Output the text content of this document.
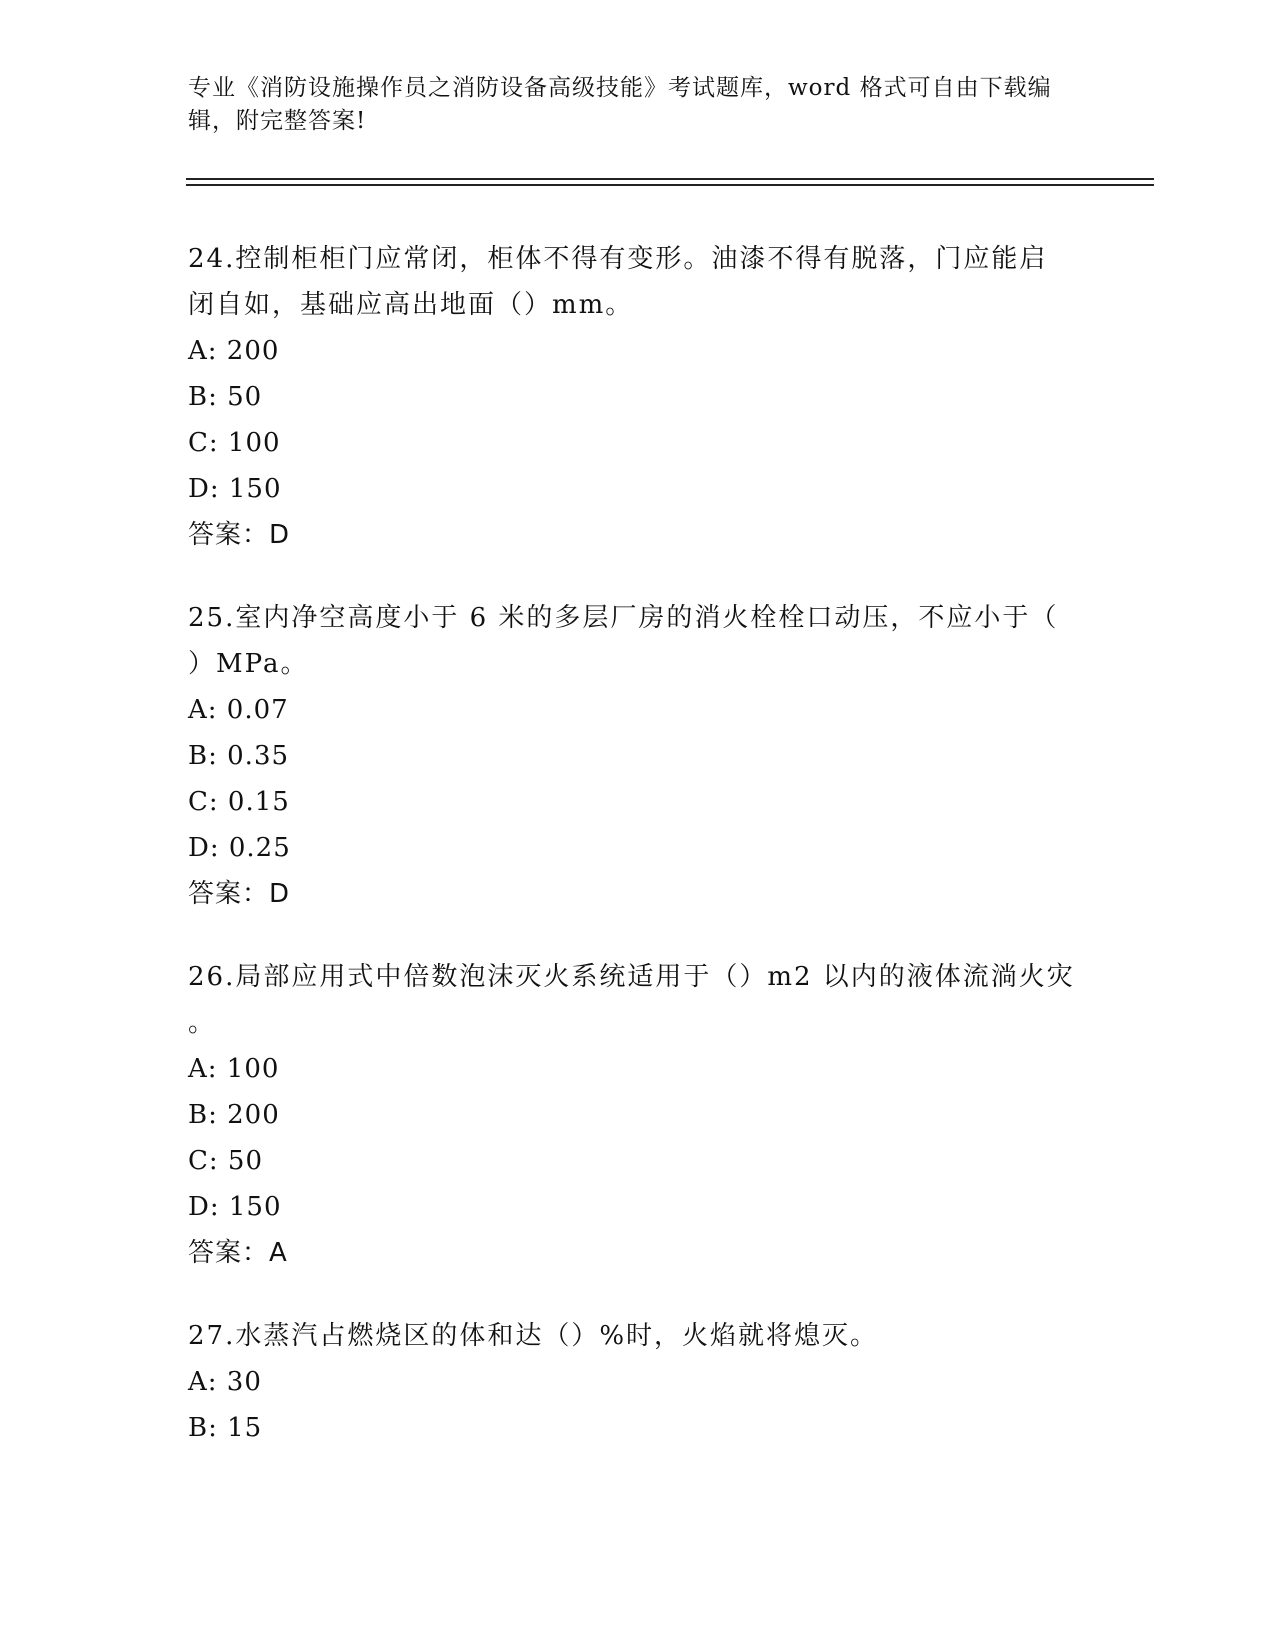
专业《消防设施操作员之消防设备高级技能》考试题库，word 格式可自由下载编
辑，附完整答案!

24.控制柜柜门应常闭，柜体不得有变形。油漆不得有脱落，门应能启

闭自如，基础应高出地面（）mm。

A: 200

B: 50

C: 100

D: 150

答案：D

25.室内净空高度小于 6 米的多层厂房的消火栓栓口动压，不应小于（

）MPa。

A: 0.07

B: 0.35

C: 0.15

D: 0.25

答案：D

26.局部应用式中倍数泡沫灭火系统适用于（）m2 以内的液体流淌火灾

。

A: 100

B: 200

C: 50

D: 150

答案：A

27.水蒸汽占燃烧区的体和达（）%时，火焰就将熄灭。

A: 30

B: 15
